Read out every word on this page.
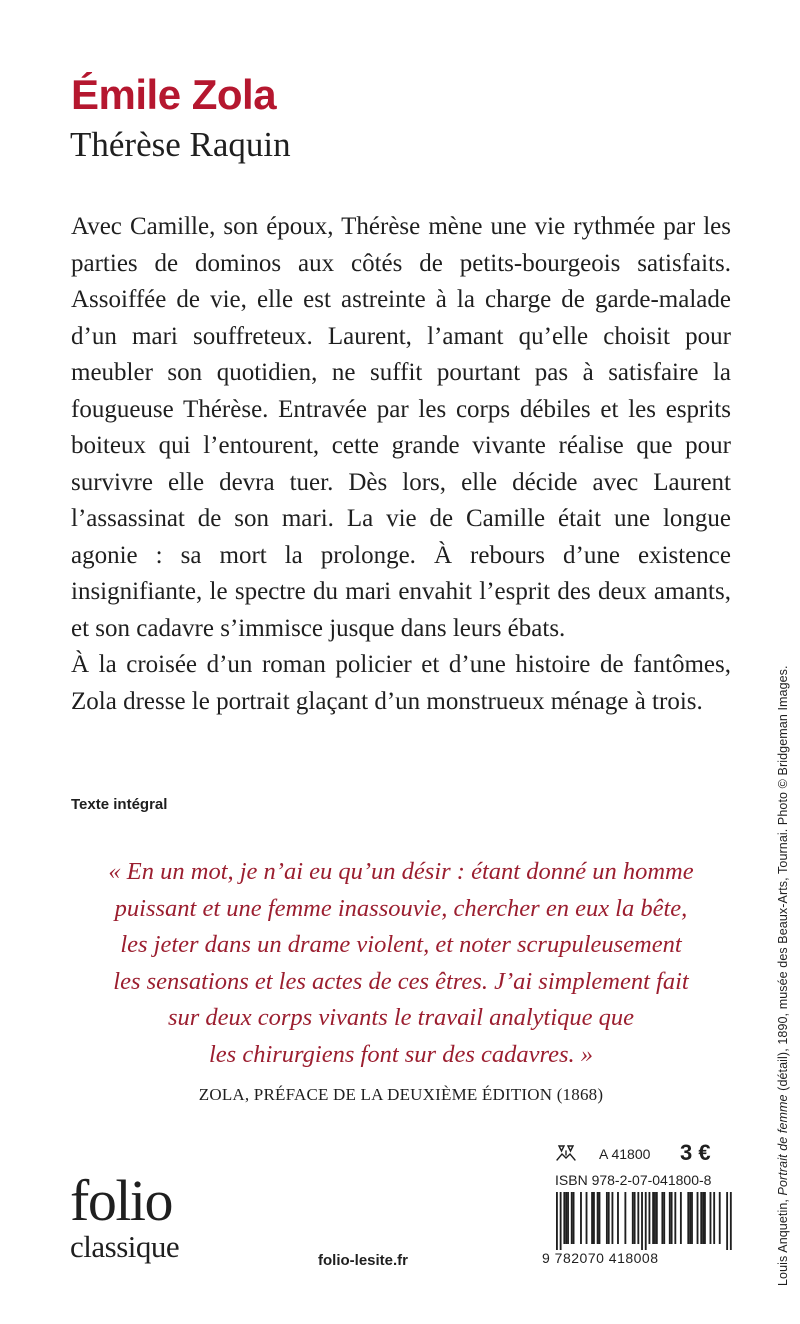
Émile Zola
Thérèse Raquin

Avec Camille, son époux, Thérèse mène une vie rythmée par les parties de dominos aux côtés de petits-bourgeois satisfaits. Assoiffée de vie, elle est astreinte à la charge de garde-malade d’un mari souffreteux. Laurent, l’amant qu’elle choisit pour meubler son quotidien, ne suffit pourtant pas à satisfaire la fougueuse Thérèse. Entravée par les corps débiles et les esprits boiteux qui l’entourent, cette grande vivante réalise que pour survivre elle devra tuer. Dès lors, elle décide avec Laurent l’assassinat de son mari. La vie de Camille était une longue agonie : sa mort la prolonge. À rebours d’une existence insignifiante, le spectre du mari envahit l’esprit des deux amants, et son cadavre s’immisce jusque dans leurs ébats.

À la croisée d’un roman policier et d’une histoire de fantômes, Zola dresse le portrait glaçant d’un monstrueux ménage à trois.

Texte intégral

« En un mot, je n’ai eu qu’un désir : étant donné un homme
puissant et une femme inassouvie, chercher en eux la bête,
les jeter dans un drame violent, et noter scrupuleusement
les sensations et les actes de ces êtres. J’ai simplement fait
sur deux corps vivants le travail analytique que
les chirurgiens font sur des cadavres. »

ZOLA, PRÉFACE DE LA DEUXIÈME ÉDITION (1868)

folio
classique	folio-lesite.fr
A 41800 3 €
ISBN 978-2-07-041800-8
9 782070 418008	Louis Anquetin, Portrait de femme (détail), 1890, musée des Beaux-Arts, Tournai. Photo © Bridgeman Images.
